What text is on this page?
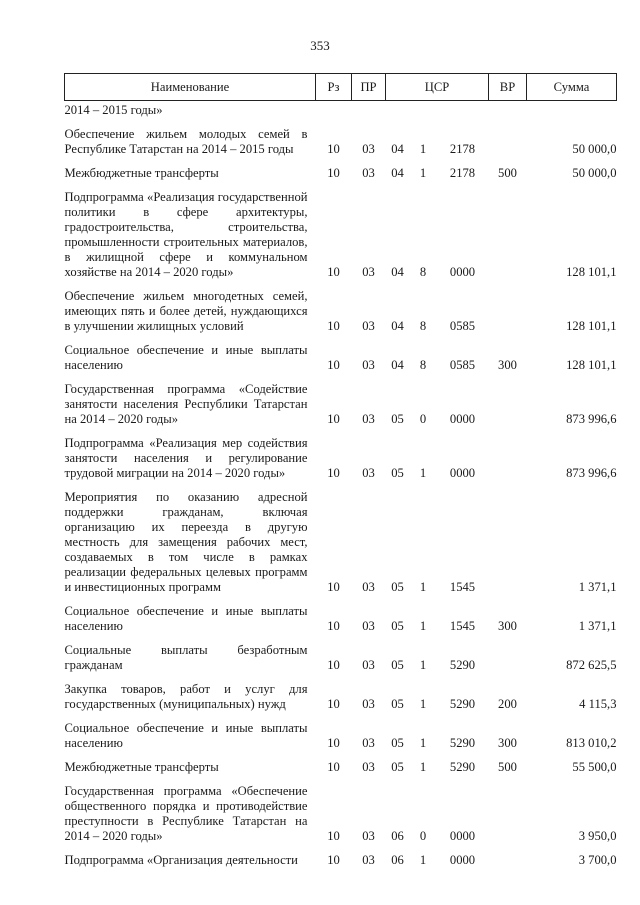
353
Наименование	Рз	ПР	ЦСР			ВР	Сумма
2014 – 2015 годы»							
Обеспечение жильем молодых семей в Республике Татарстан на 2014 – 2015 годы	10	03	04	1	2178		50 000,0
Межбюджетные трансферты	10	03	04	1	2178	500	50 000,0
Подпрограмма «Реализация государственной политики в сфере архитектуры, градостроительства, строительства, промышленности строительных материалов, в жилищной сфере и коммунальном хозяйстве на 2014 – 2020 годы»	10	03	04	8	0000		128 101,1
Обеспечение жильем многодетных семей, имеющих пять и более детей, нуждающихся в улучшении жилищных условий	10	03	04	8	0585		128 101,1
Социальное обеспечение и иные выплаты населению	10	03	04	8	0585	300	128 101,1
Государственная программа «Содействие занятости населения Республики Татарстан на 2014 – 2020 годы»	10	03	05	0	0000		873 996,6
Подпрограмма «Реализация мер содействия занятости населения и регулирование трудовой миграции на 2014 – 2020 годы»	10	03	05	1	0000		873 996,6
Мероприятия по оказанию адресной поддержки гражданам, включая организацию их переезда в другую местность для замещения рабочих мест, создаваемых в том числе в рамках реализации федеральных целевых программ и инвестиционных программ	10	03	05	1	1545		1 371,1
Социальное обеспечение и иные выплаты населению	10	03	05	1	1545	300	1 371,1
Социальные выплаты безработным гражданам	10	03	05	1	5290		872 625,5
Закупка товаров, работ и услуг для государственных (муниципальных) нужд	10	03	05	1	5290	200	4 115,3
Социальное обеспечение и иные выплаты населению	10	03	05	1	5290	300	813 010,2
Межбюджетные трансферты	10	03	05	1	5290	500	55 500,0
Государственная программа «Обеспечение общественного порядка и противодействие преступности в Республике Татарстан на 2014 – 2020 годы»	10	03	06	0	0000		3 950,0
Подпрограмма «Организация деятельности	10	03	06	1	0000		3 700,0
